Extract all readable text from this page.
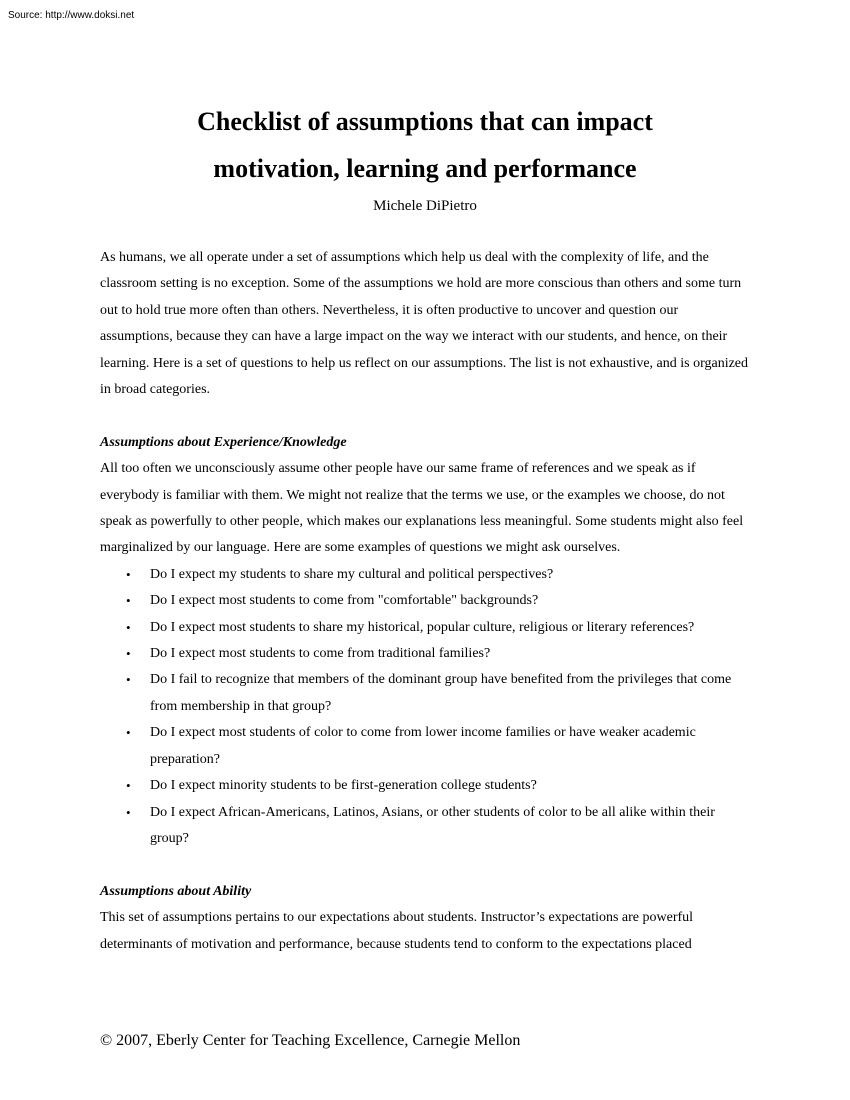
Source: http://www.doksi.net
Checklist of assumptions that can impact
motivation, learning and performance
Michele DiPietro

As humans, we all operate under a set of assumptions which help us deal with the complexity of life, and the classroom setting is no exception. Some of the assumptions we hold are more conscious than others and some turn out to hold true more often than others. Nevertheless, it is often productive to uncover and question our assumptions, because they can have a large impact on the way we interact with our students, and hence, on their learning. Here is a set of questions to help us reflect on our assumptions. The list is not exhaustive, and is organized in broad categories.

Assumptions about Experience/Knowledge

All too often we unconsciously assume other people have our same frame of references and we speak as if everybody is familiar with them. We might not realize that the terms we use, or the examples we choose, do not speak as powerfully to other people, which makes our explanations less meaningful. Some students might also feel marginalized by our language. Here are some examples of questions we might ask ourselves.

• Do I expect my students to share my cultural and political perspectives?
• Do I expect most students to come from "comfortable" backgrounds?
• Do I expect most students to share my historical, popular culture, religious or literary references?
• Do I expect most students to come from traditional families?
• Do I fail to recognize that members of the dominant group have benefited from the privileges that come from membership in that group?
• Do I expect most students of color to come from lower income families or have weaker academic preparation?
• Do I expect minority students to be first-generation college students?
• Do I expect African-Americans, Latinos, Asians, or other students of color to be all alike within their group?

Assumptions about Ability

This set of assumptions pertains to our expectations about students. Instructor’s expectations are powerful determinants of motivation and performance, because students tend to conform to the expectations placed

© 2007, Eberly Center for Teaching Excellence, Carnegie Mellon
